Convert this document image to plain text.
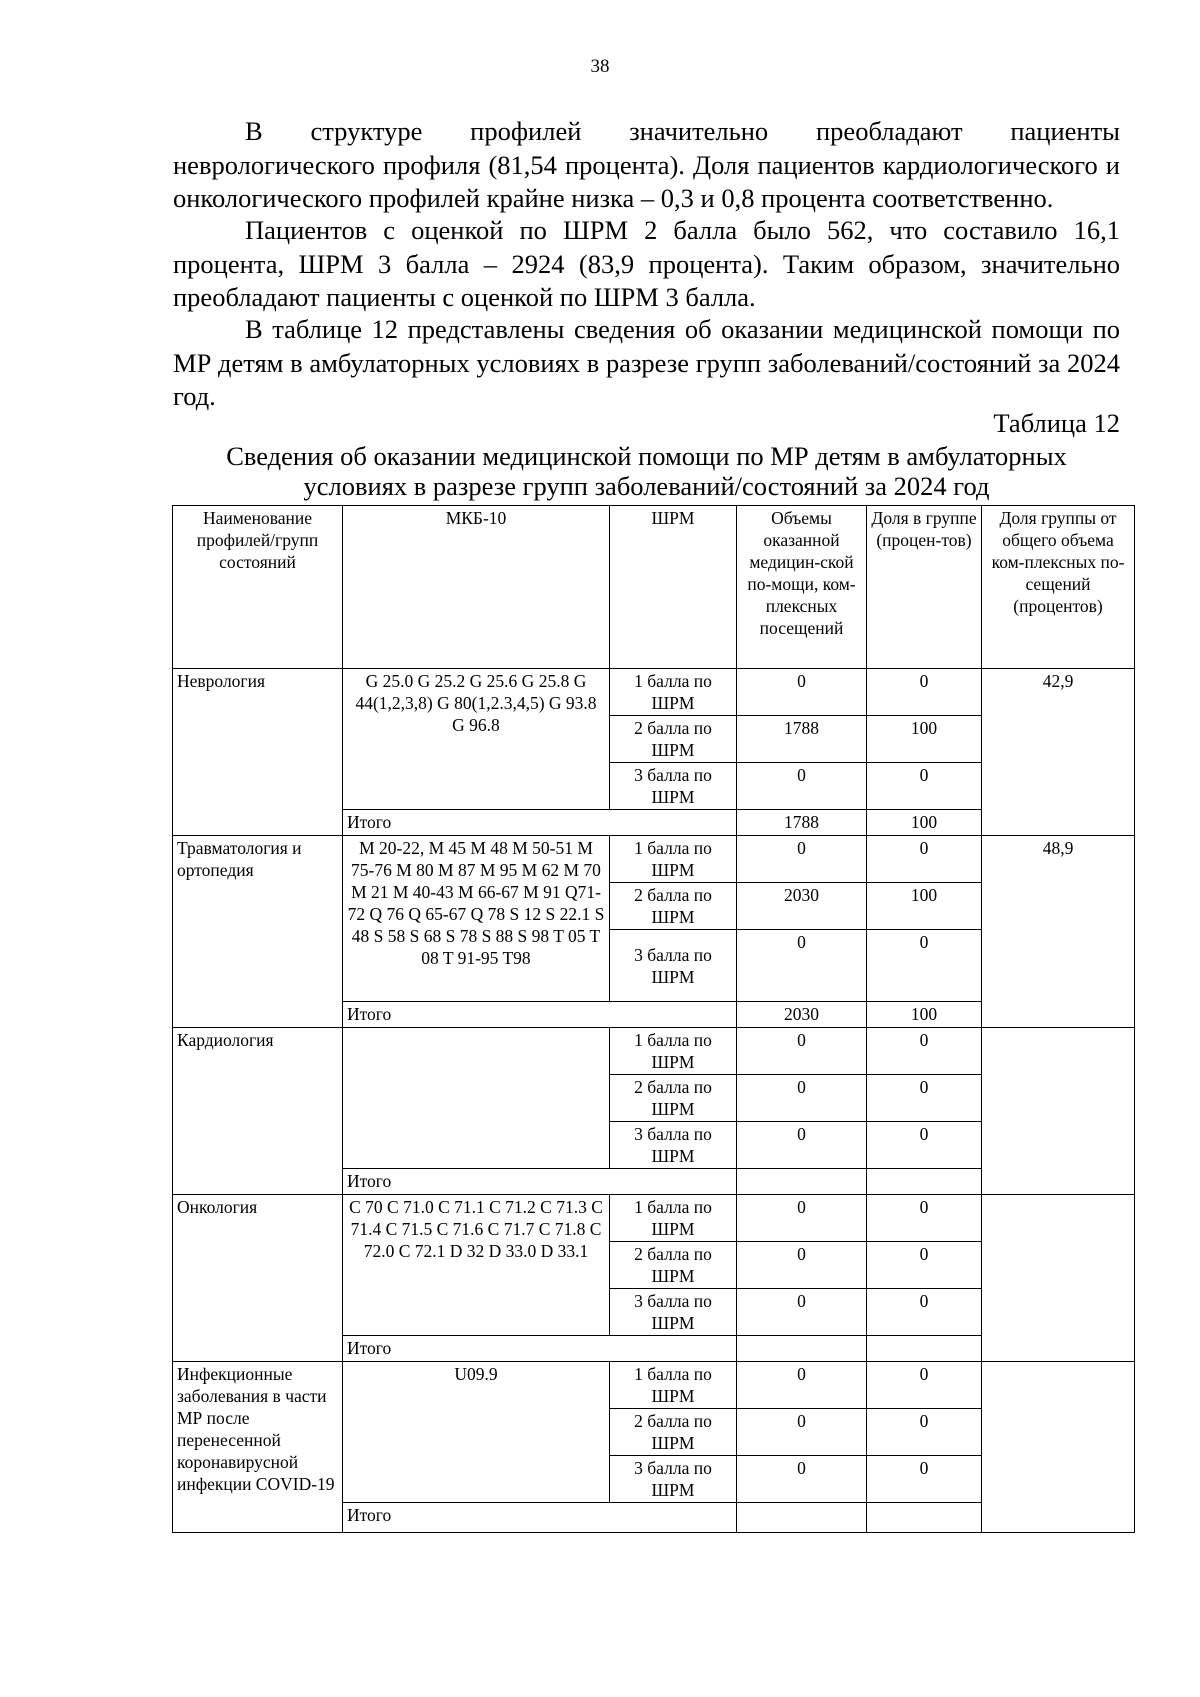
38

В структуре профилей значительно преобладают пациенты неврологического профиля (81,54 процента). Доля пациентов кардиологического и онкологического профилей крайне низка – 0,3 и 0,8 процента соответственно.

Пациентов с оценкой по ШРМ 2 балла было 562, что составило 16,1 процента, ШРМ 3 балла – 2924 (83,9 процента). Таким образом, значительно преобладают пациенты с оценкой по ШРМ 3 балла.

В таблице 12 представлены сведения об оказании медицинской помощи по МР детям в амбулаторных условиях в разрезе групп заболеваний/состояний за 2024 год.

Таблица 12

Сведения об оказании медицинской помощи по МР детям в амбулаторных условиях в разрезе групп заболеваний/состояний за 2024 год

Наименование профилей/групп состояний	МКБ-10	ШРМ	Объемы оказанной медицин-ской по-мощи, ком-плексных посещений	Доля в группе (процен-тов)	Доля группы от общего объема ком-плексных по-сещений (процентов)
Неврология	G 25.0 G 25.2 G 25.6 G 25.8 G 44(1,2,3,8) G 80(1,2.3,4,5) G 93.8 G 96.8	1 балла по ШРМ	0	0	42,9
		2 балла по ШРМ	1788	100	
		3 балла по ШРМ	0	0	
	Итого		1788	100	
Травматология и ортопедия	M 20-22, M 45 M 48 M 50-51 M 75-76 M 80 M 87 M 95 M 62 M 70 M 21 M 40-43 M 66-67 M 91 Q71-72 Q 76 Q 65-67 Q 78 S 12 S 22.1 S 48 S 58 S 68 S 78 S 88 S 98 T 05 T 08 T 91-95 T98	1 балла по ШРМ	0	0	48,9
		2 балла по ШРМ	2030	100	
		3 балла по ШРМ	0	0	
	Итого		2030	100	
Кардиология		1 балла по ШРМ	0	0	
		2 балла по ШРМ	0	0	
		3 балла по ШРМ	0	0	
	Итого				
Онкология	C 70 C 71.0 C 71.1 C 71.2 C 71.3 C 71.4 C 71.5 C 71.6 C 71.7 C 71.8 C 72.0 C 72.1 D 32 D 33.0 D 33.1	1 балла по ШРМ	0	0	
		2 балла по ШРМ	0	0	
		3 балла по ШРМ	0	0	
	Итого				
Инфекционные заболевания в части МР после перенесенной коронавирусной инфекции COVID-19	U09.9	1 балла по ШРМ	0	0	
		2 балла по ШРМ	0	0	
		3 балла по ШРМ	0	0	
	Итого				
